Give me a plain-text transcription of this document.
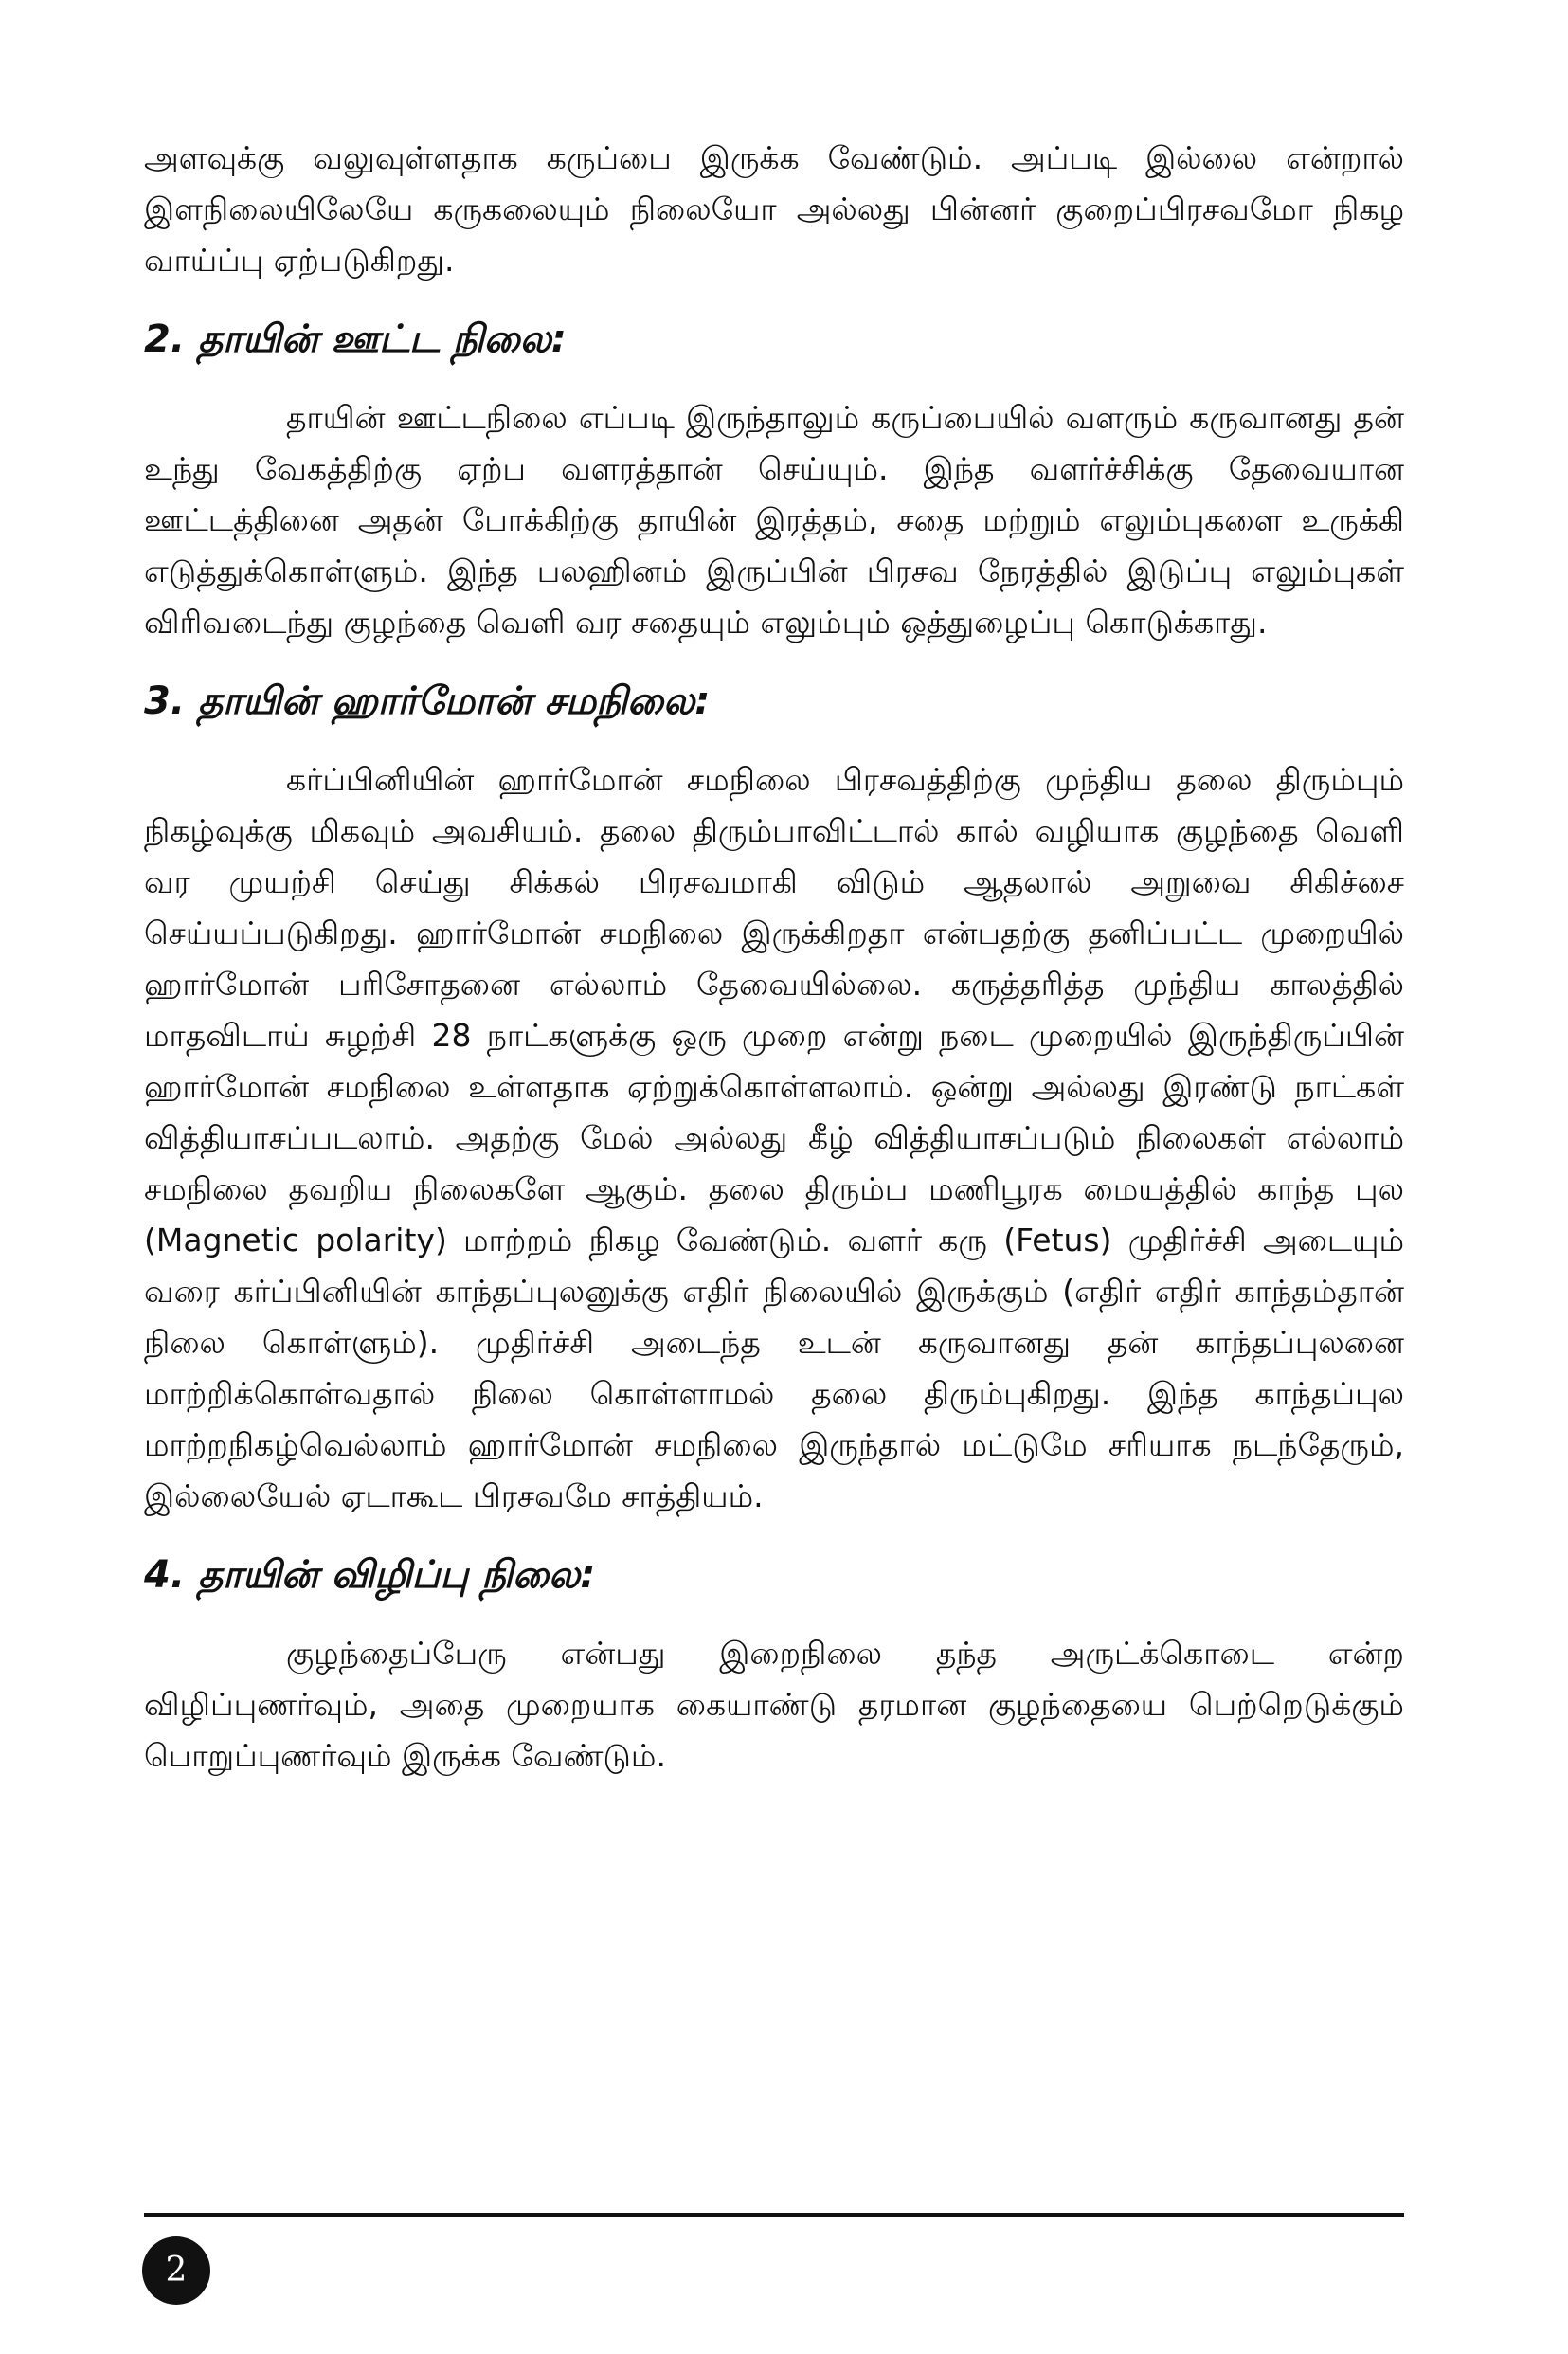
அளவுக்கு வலுவுள்ளதாக கருப்பை இருக்க வேண்டும். அப்படி இல்லை என்றால் இளநிலையிலேயே கருகலையும் நிலையோ அல்லது பின்னர் குறைப்பிரசவமோ நிகழ வாய்ப்பு ஏற்படுகிறது.

2. தாயின் ஊட்ட நிலை:

தாயின் ஊட்டநிலை எப்படி இருந்தாலும் கருப்பையில் வளரும் கருவானது தன் உந்து வேகத்திற்கு ஏற்ப வளரத்தான் செய்யும். இந்த வளர்ச்சிக்கு தேவையான ஊட்டத்தினை அதன் போக்கிற்கு தாயின் இரத்தம், சதை மற்றும் எலும்புகளை உருக்கி எடுத்துக்கொள்ளும். இந்த பலஹினம் இருப்பின் பிரசவ நேரத்தில் இடுப்பு எலும்புகள் விரிவடைந்து குழந்தை வெளி வர சதையும் எலும்பும் ஒத்துழைப்பு கொடுக்காது.

3. தாயின் ஹார்மோன் சமநிலை:

கர்ப்பினியின் ஹார்மோன் சமநிலை பிரசவத்திற்கு முந்திய தலை திரும்பும் நிகழ்வுக்கு மிகவும் அவசியம். தலை திரும்பாவிட்டால் கால் வழியாக குழந்தை வெளி வர முயற்சி செய்து சிக்கல் பிரசவமாகி விடும் ஆதலால் அறுவை சிகிச்சை செய்யப்படுகிறது. ஹார்மோன் சமநிலை இருக்கிறதா என்பதற்கு தனிப்பட்ட முறையில் ஹார்மோன் பரிசோதனை எல்லாம் தேவையில்லை. கருத்தரித்த முந்திய காலத்தில் மாதவிடாய் சுழற்சி 28 நாட்களுக்கு ஒரு முறை என்று நடை முறையில் இருந்திருப்பின் ஹார்மோன் சமநிலை உள்ளதாக ஏற்றுக்கொள்ளலாம். ஒன்று அல்லது இரண்டு நாட்கள் வித்தியாசப்படலாம். அதற்கு மேல் அல்லது கீழ் வித்தியாசப்படும் நிலைகள் எல்லாம் சமநிலை தவறிய நிலைகளே ஆகும். தலை திரும்ப மணிபூரக மையத்தில் காந்த புல (Magnetic polarity) மாற்றம் நிகழ வேண்டும். வளர் கரு (Fetus) முதிர்ச்சி அடையும் வரை கர்ப்பினியின் காந்தப்புலனுக்கு எதிர் நிலையில் இருக்கும் (எதிர் எதிர் காந்தம்தான் நிலை கொள்ளும்). முதிர்ச்சி அடைந்த உடன் கருவானது தன் காந்தப்புலனை மாற்றிக்கொள்வதால் நிலை கொள்ளாமல் தலை திரும்புகிறது. இந்த காந்தப்புல மாற்றநிகழ்வெல்லாம் ஹார்மோன் சமநிலை இருந்தால் மட்டுமே சரியாக நடந்தேரும், இல்லையேல் ஏடாகூட பிரசவமே சாத்தியம்.

4. தாயின் விழிப்பு நிலை:

குழந்தைப்பேரு என்பது இறைநிலை தந்த அருட்க்கொடை என்ற விழிப்புணர்வும், அதை முறையாக கையாண்டு தரமான குழந்தையை பெற்றெடுக்கும் பொறுப்புணர்வும் இருக்க வேண்டும்.

2
